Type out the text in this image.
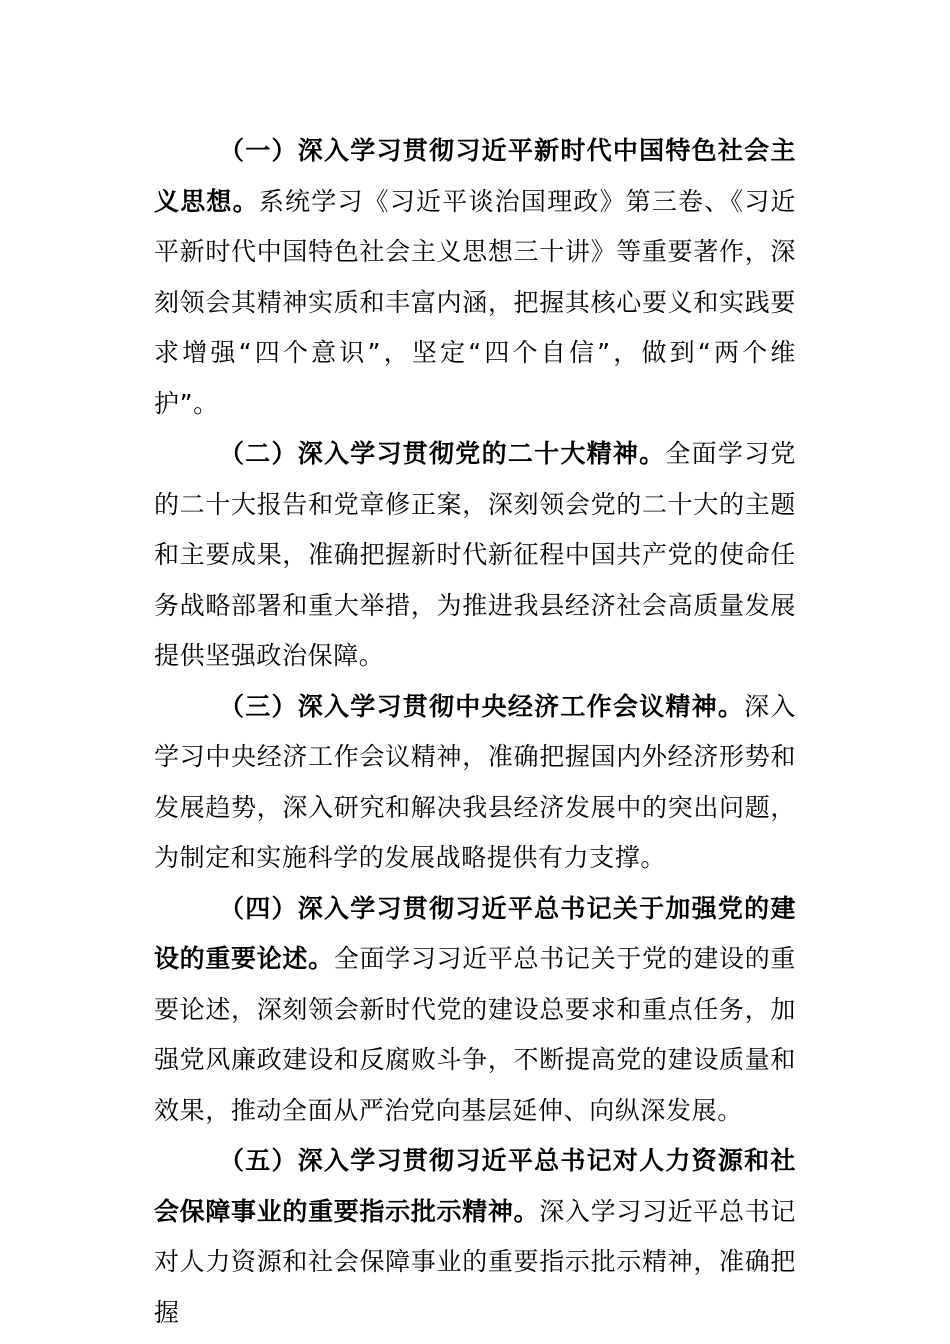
（一）深入学习贯彻习近平新时代中国特色社会主义思想。系统学习《习近平谈治国理政》第三卷、《习近平新时代中国特色社会主义思想三十讲》等重要著作，深刻领会其精神实质和丰富内涵，把握其核心要义和实践要求增强“四个意识”，坚定“四个自信”，做到“两个维护”。

（二）深入学习贯彻党的二十大精神。全面学习党的二十大报告和党章修正案，深刻领会党的二十大的主题和主要成果，准确把握新时代新征程中国共产党的使命任务战略部署和重大举措，为推进我县经济社会高质量发展提供坚强政治保障。

（三）深入学习贯彻中央经济工作会议精神。深入学习中央经济工作会议精神，准确把握国内外经济形势和发展趋势，深入研究和解决我县经济发展中的突出问题，为制定和实施科学的发展战略提供有力支撑。

（四）深入学习贯彻习近平总书记关于加强党的建设的重要论述。全面学习习近平总书记关于党的建设的重要论述，深刻领会新时代党的建设总要求和重点任务，加强党风廉政建设和反腐败斗争，不断提高党的建设质量和效果，推动全面从严治党向基层延伸、向纵深发展。

（五）深入学习贯彻习近平总书记对人力资源和社会保障事业的重要指示批示精神。深入学习习近平总书记对人力资源和社会保障事业的重要指示批示精神，准确把握
